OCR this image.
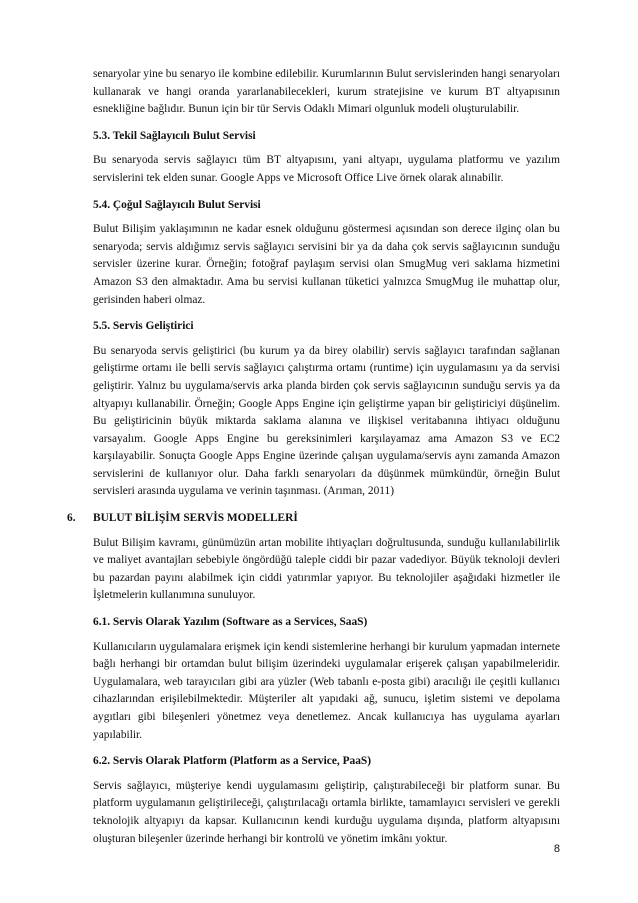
senaryolar yine bu senaryo ile kombine edilebilir. Kurumlarının Bulut servislerinden hangi senaryoları kullanarak ve hangi oranda yararlanabilecekleri, kurum stratejisine ve kurum BT altyapısının esnekliğine bağlıdır. Bunun için bir tür Servis Odaklı Mimari olgunluk modeli oluşturulabilir.

5.3. Tekil Sağlayıcılı Bulut Servisi

Bu senaryoda servis sağlayıcı tüm BT altyapısını, yani altyapı, uygulama platformu ve yazılım servislerini tek elden sunar. Google Apps ve Microsoft Office Live örnek olarak alınabilir.

5.4. Çoğul Sağlayıcılı Bulut Servisi

Bulut Bilişim yaklaşımının ne kadar esnek olduğunu göstermesi açısından son derece ilginç olan bu senaryoda; servis aldığımız servis sağlayıcı servisini bir ya da daha çok servis sağlayıcının sunduğu servisler üzerine kurar. Örneğin; fotoğraf paylaşım servisi olan SmugMug veri saklama hizmetini Amazon S3 den almaktadır. Ama bu servisi kullanan tüketici yalnızca SmugMug ile muhattap olur, gerisinden haberi olmaz.

5.5. Servis Geliştirici

Bu senaryoda servis geliştirici (bu kurum ya da birey olabilir) servis sağlayıcı tarafından sağlanan geliştirme ortamı ile belli servis sağlayıcı çalıştırma ortamı (runtime) için uygulamasını ya da servisi geliştirir. Yalnız bu uygulama/servis arka planda birden çok servis sağlayıcının sunduğu servis ya da altyapıyı kullanabilir. Örneğin; Google Apps Engine için geliştirme yapan bir geliştiriciyi düşünelim. Bu geliştiricinin büyük miktarda saklama alanına ve ilişkisel veritabanına ihtiyacı olduğunu varsayalım. Google Apps Engine bu gereksinimleri karşılayamaz ama Amazon S3 ve EC2 karşılayabilir. Sonuçta Google Apps Engine üzerinde çalışan uygulama/servis aynı zamanda Amazon servislerini de kullanıyor olur. Daha farklı senaryoları da düşünmek mümkündür, örneğin Bulut servisleri arasında uygulama ve verinin taşınması. (Arıman, 2011)

6. BULUT BİLİŞİM SERVİS MODELLERİ

Bulut Bilişim kavramı, günümüzün artan mobilite ihtiyaçları doğrultusunda, sunduğu kullanılabilirlik ve maliyet avantajları sebebiyle öngördüğü taleple ciddi bir pazar vadediyor. Büyük teknoloji devleri bu pazardan payını alabilmek için ciddi yatırımlar yapıyor. Bu teknolojiler aşağıdaki hizmetler ile İşletmelerin kullanımına sunuluyor.

6.1. Servis Olarak Yazılım (Software as a Services, SaaS)

Kullanıcıların uygulamalara erişmek için kendi sistemlerine herhangi bir kurulum yapmadan internete bağlı herhangi bir ortamdan bulut bilişim üzerindeki uygulamalar erişerek çalışan yapabilmeleridir. Uygulamalara, web tarayıcıları gibi ara yüzler (Web tabanlı e-posta gibi) aracılığı ile çeşitli kullanıcı cihazlarından erişilebilmektedir. Müşteriler alt yapıdaki ağ, sunucu, işletim sistemi ve depolama aygıtları gibi bileşenleri yönetmez veya denetlemez. Ancak kullanıcıya has uygulama ayarları yapılabilir.

6.2. Servis Olarak Platform (Platform as a Service, PaaS)

Servis sağlayıcı, müşteriye kendi uygulamasını geliştirip, çalıştırabileceği bir platform sunar. Bu platform uygulamanın geliştirileceği, çalıştırılacağı ortamla birlikte, tamamlayıcı servisleri ve gerekli teknolojik altyapıyı da kapsar. Kullanıcının kendi kurduğu uygulama dışında, platform altyapısını oluşturan bileşenler üzerinde herhangi bir kontrolü ve yönetim imkânı yoktur.

8
